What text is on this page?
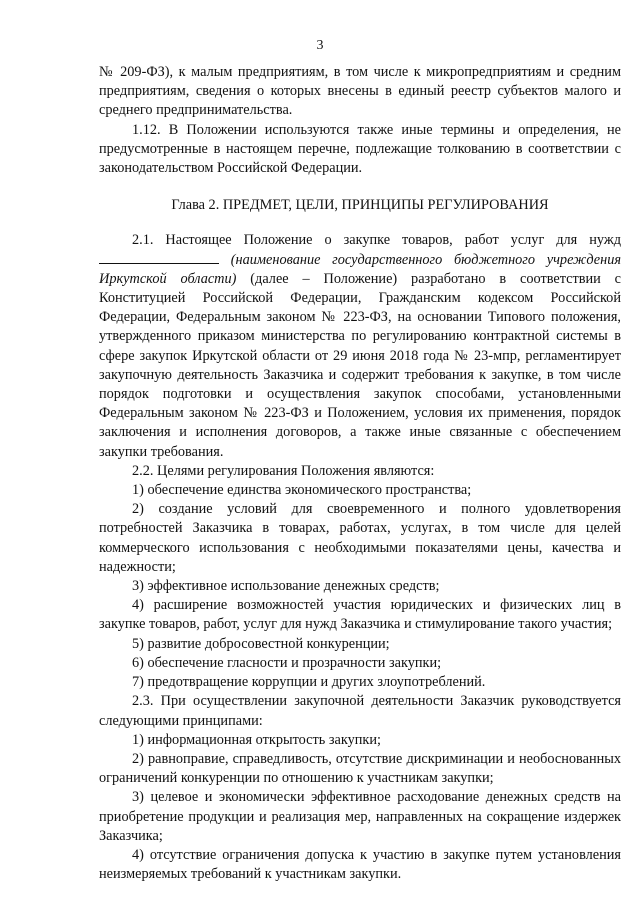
3

№ 209-ФЗ), к малым предприятиям, в том числе к микропредприятиям и средним предприятиям, сведения о которых внесены в единый реестр субъектов малого и среднего предпринимательства.

1.12. В Положении используются также иные термины и определения, не предусмотренные в настоящем перечне, подлежащие толкованию в соответствии с законодательством Российской Федерации.

Глава 2. ПРЕДМЕТ, ЦЕЛИ, ПРИНЦИПЫ РЕГУЛИРОВАНИЯ

2.1. Настоящее Положение о закупке товаров, работ услуг для нужд  (наименование государственного бюджетного учреждения Иркутской области) (далее – Положение) разработано в соответствии с Конституцией Российской Федерации, Гражданским кодексом Российской Федерации, Федеральным законом № 223-ФЗ, на основании Типового положения, утвержденного приказом министерства по регулированию контрактной системы в сфере закупок Иркутской области от 29 июня 2018 года № 23-мпр, регламентирует закупочную деятельность Заказчика и содержит требования к закупке, в том числе порядок подготовки и осуществления закупок способами, установленными Федеральным законом № 223-ФЗ и Положением, условия их применения, порядок заключения и исполнения договоров, а также иные связанные с обеспечением закупки требования.

2.2. Целями регулирования Положения являются:

1) обеспечение единства экономического пространства;

2) создание условий для своевременного и полного удовлетворения потребностей Заказчика в товарах, работах, услугах, в том числе для целей коммерческого использования с необходимыми показателями цены, качества и надежности;

3) эффективное использование денежных средств;

4) расширение возможностей участия юридических и физических лиц в закупке товаров, работ, услуг для нужд Заказчика и стимулирование такого участия;

5) развитие добросовестной конкуренции;

6) обеспечение гласности и прозрачности закупки;

7) предотвращение коррупции и других злоупотреблений.

2.3. При осуществлении закупочной деятельности Заказчик руководствуется следующими принципами:

1) информационная открытость закупки;

2) равноправие, справедливость, отсутствие дискриминации и необоснованных ограничений конкуренции по отношению к участникам закупки;

3) целевое и экономически эффективное расходование денежных средств на приобретение продукции и реализация мер, направленных на сокращение издержек Заказчика;

4) отсутствие ограничения допуска к участию в закупке путем установления неизмеряемых требований к участникам закупки.
